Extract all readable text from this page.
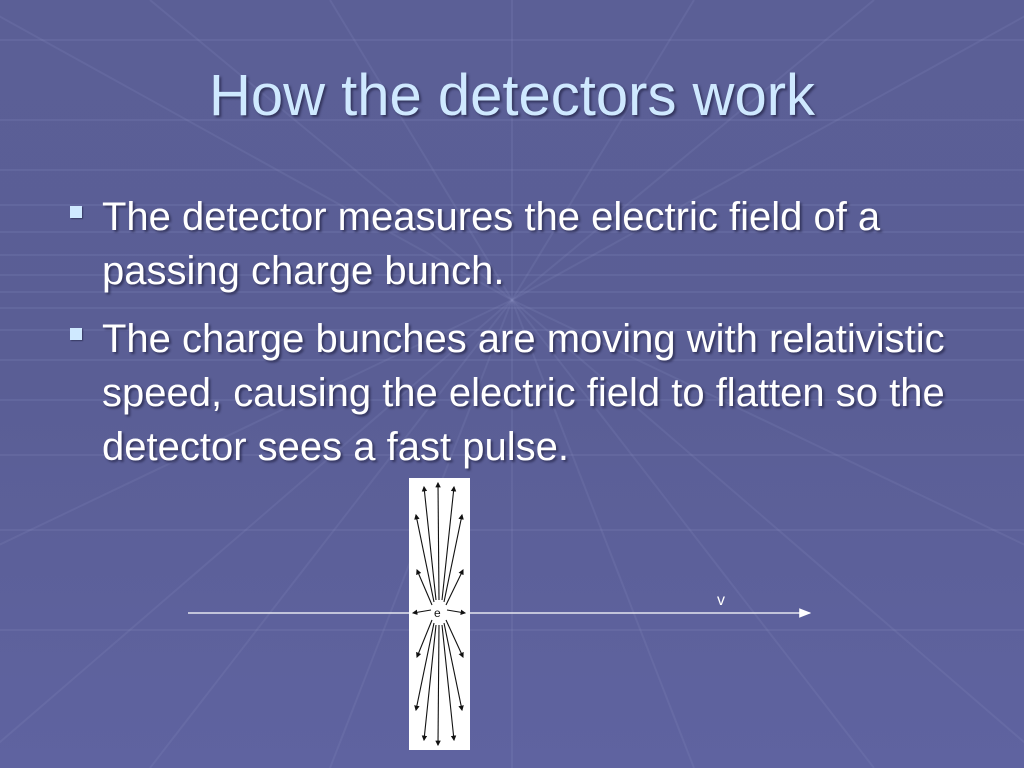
How the detectors work
The detector measures the electric field of a passing charge bunch.
The charge bunches are moving with relativistic speed, causing the electric field to flatten so the detector sees a fast pulse.
v
e
